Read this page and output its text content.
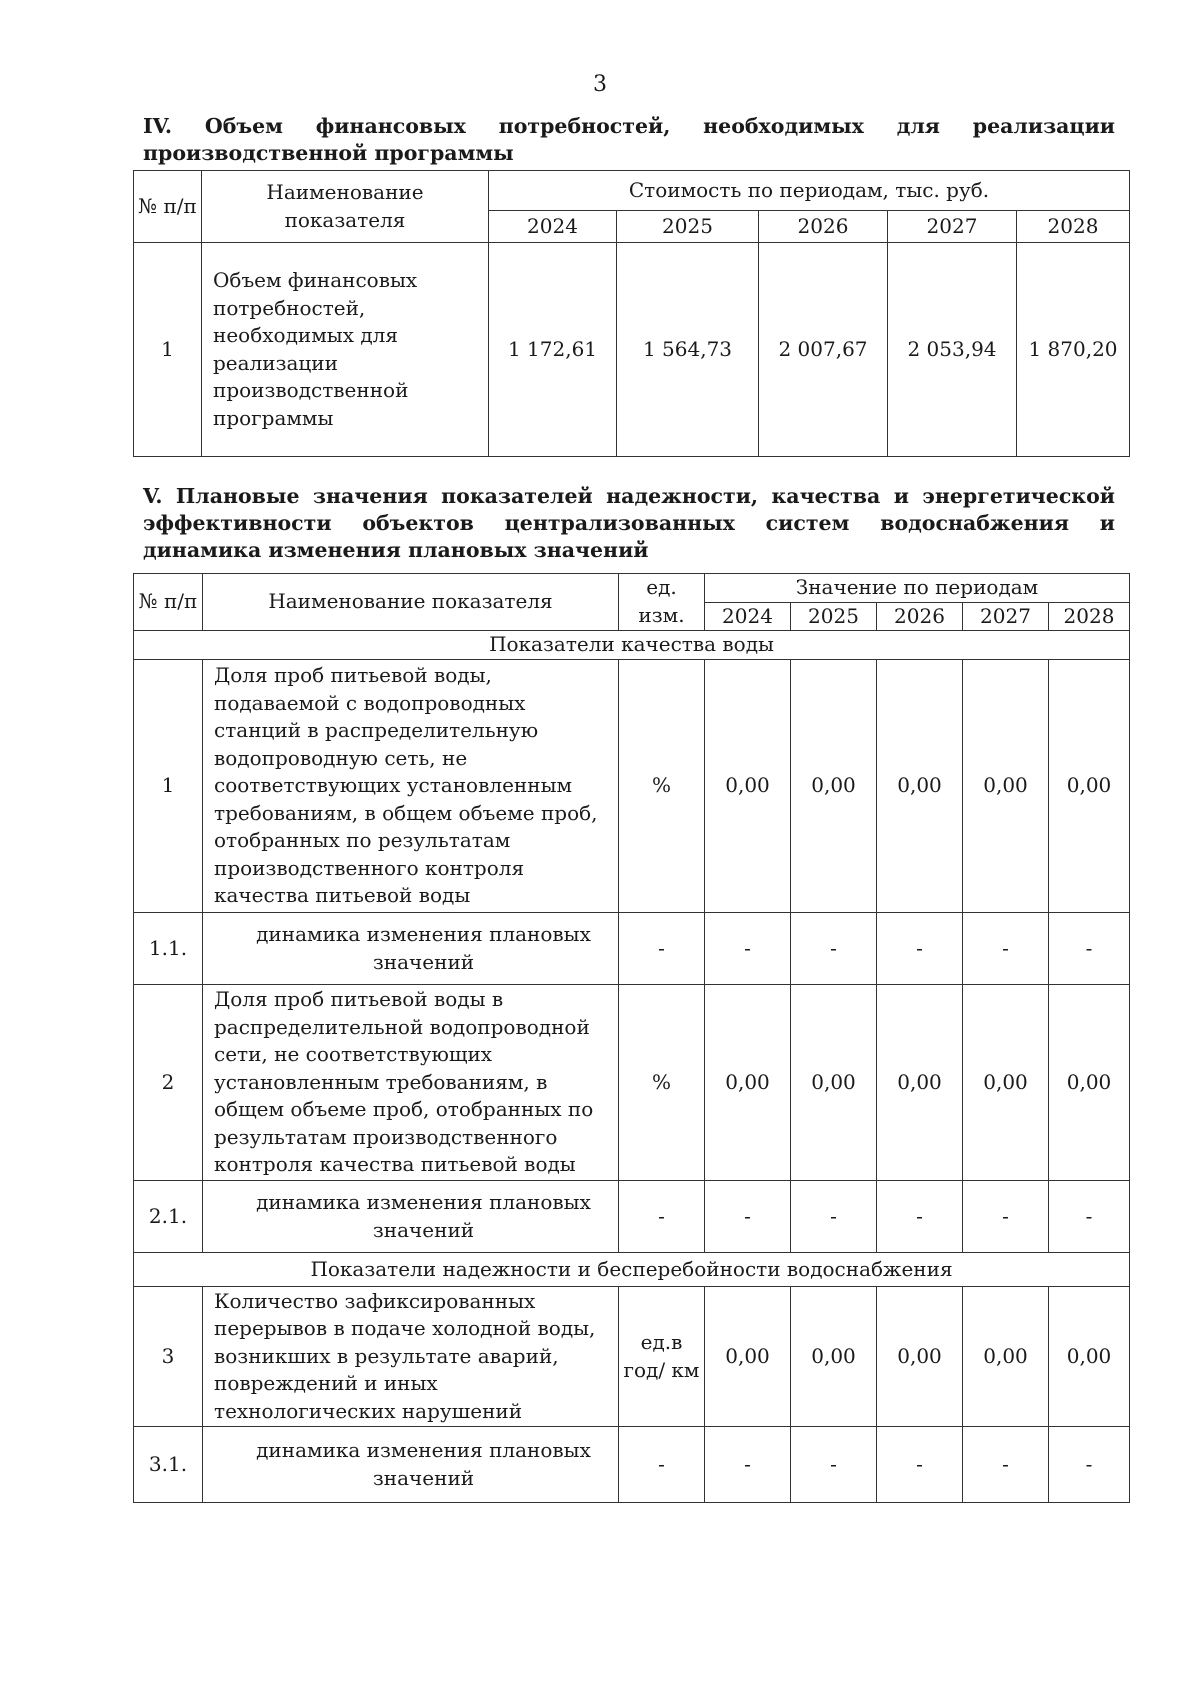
3
IV. Объем финансовых потребностей, необходимых для реализации производственной программы
№ п/п	Наименование показателя	Стоимость по периодам, тыс. руб.				
		2024	2025	2026	2027	2028
1	Объем финансовых потребностей, необходимых для реализации производственной программы	1 172,61	1 564,73	2 007,67	2 053,94	1 870,20
V. Плановые значения показателей надежности, качества и энергетической эффективности объектов централизованных систем водоснабжения и динамика изменения плановых значений
№ п/п	Наименование показателя	ед.	Значение по периодам				
		изм.	2024	2025	2026	2027	2028
Показатели качества воды							
1	Доля проб питьевой воды, подаваемой с водопроводных станций в распределительную водопроводную сеть, не соответствующих установленным требованиям, в общем объеме проб, отобранных по результатам производственного контроля качества питьевой воды	%	0,00	0,00	0,00	0,00	0,00
1.1.	динамика изменения плановых значений	-	-	-	-	-	-
2	Доля проб питьевой воды в распределительной водопроводной сети, не соответствующих установленным требованиям, в общем объеме проб, отобранных по результатам производственного контроля качества питьевой воды	%	0,00	0,00	0,00	0,00	0,00
2.1.	динамика изменения плановых значений	-	-	-	-	-	-
Показатели надежности и бесперебойности водоснабжения							
3	Количество зафиксированных перерывов в подаче холодной воды, возникших в результате аварий, повреждений и иных технологических нарушений	ед.в год/ км	0,00	0,00	0,00	0,00	0,00
3.1.	динамика изменения плановых значений	-	-	-	-	-	-
